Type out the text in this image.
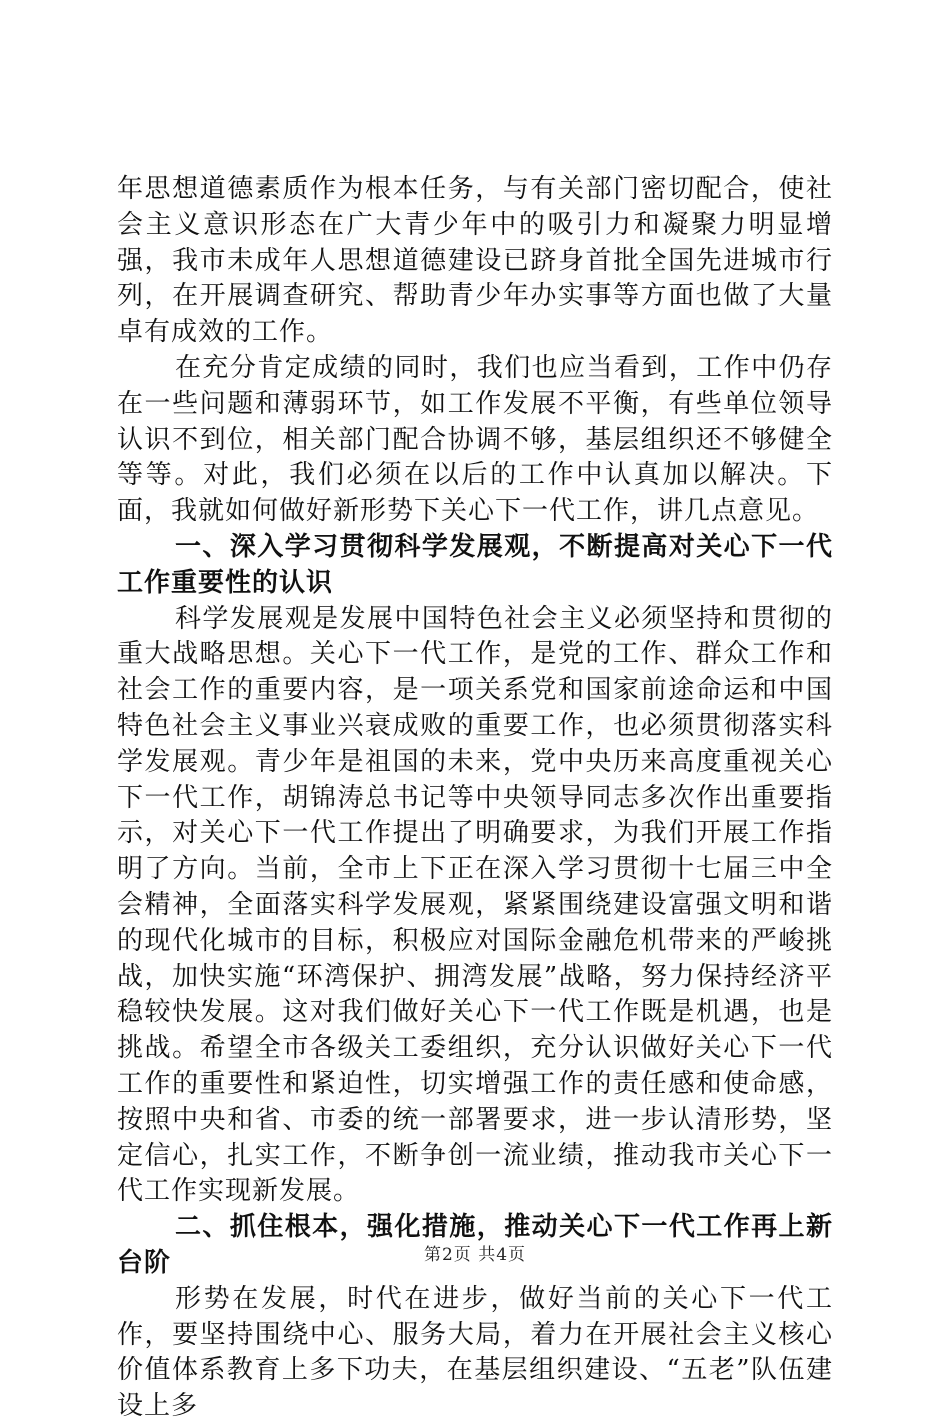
年思想道德素质作为根本任务，与有关部门密切配合，使社会主义意识形态在广大青少年中的吸引力和凝聚力明显增强，我市未成年人思想道德建设已跻身首批全国先进城市行列，在开展调查研究、帮助青少年办实事等方面也做了大量卓有成效的工作。

在充分肯定成绩的同时，我们也应当看到，工作中仍存在一些问题和薄弱环节，如工作发展不平衡，有些单位领导认识不到位，相关部门配合协调不够，基层组织还不够健全等等。对此，我们必须在以后的工作中认真加以解决。下面，我就如何做好新形势下关心下一代工作，讲几点意见。

一、深入学习贯彻科学发展观，不断提高对关心下一代工作重要性的认识

科学发展观是发展中国特色社会主义必须坚持和贯彻的重大战略思想。关心下一代工作，是党的工作、群众工作和社会工作的重要内容，是一项关系党和国家前途命运和中国特色社会主义事业兴衰成败的重要工作，也必须贯彻落实科学发展观。青少年是祖国的未来，党中央历来高度重视关心下一代工作，胡锦涛总书记等中央领导同志多次作出重要指示，对关心下一代工作提出了明确要求，为我们开展工作指明了方向。当前，全市上下正在深入学习贯彻十七届三中全会精神，全面落实科学发展观，紧紧围绕建设富强文明和谐的现代化城市的目标，积极应对国际金融危机带来的严峻挑战，加快实施“环湾保护、拥湾发展”战略，努力保持经济平稳较快发展。这对我们做好关心下一代工作既是机遇，也是挑战。希望全市各级关工委组织，充分认识做好关心下一代工作的重要性和紧迫性，切实增强工作的责任感和使命感，按照中央和省、市委的统一部署要求，进一步认清形势，坚定信心，扎实工作，不断争创一流业绩，推动我市关心下一代工作实现新发展。

二、抓住根本，强化措施，推动关心下一代工作再上新台阶

形势在发展，时代在进步，做好当前的关心下一代工作，要坚持围绕中心、服务大局，着力在开展社会主义核心价值体系教育上多下功夫，在基层组织建设、“五老”队伍建设上多

第2页 共4页
